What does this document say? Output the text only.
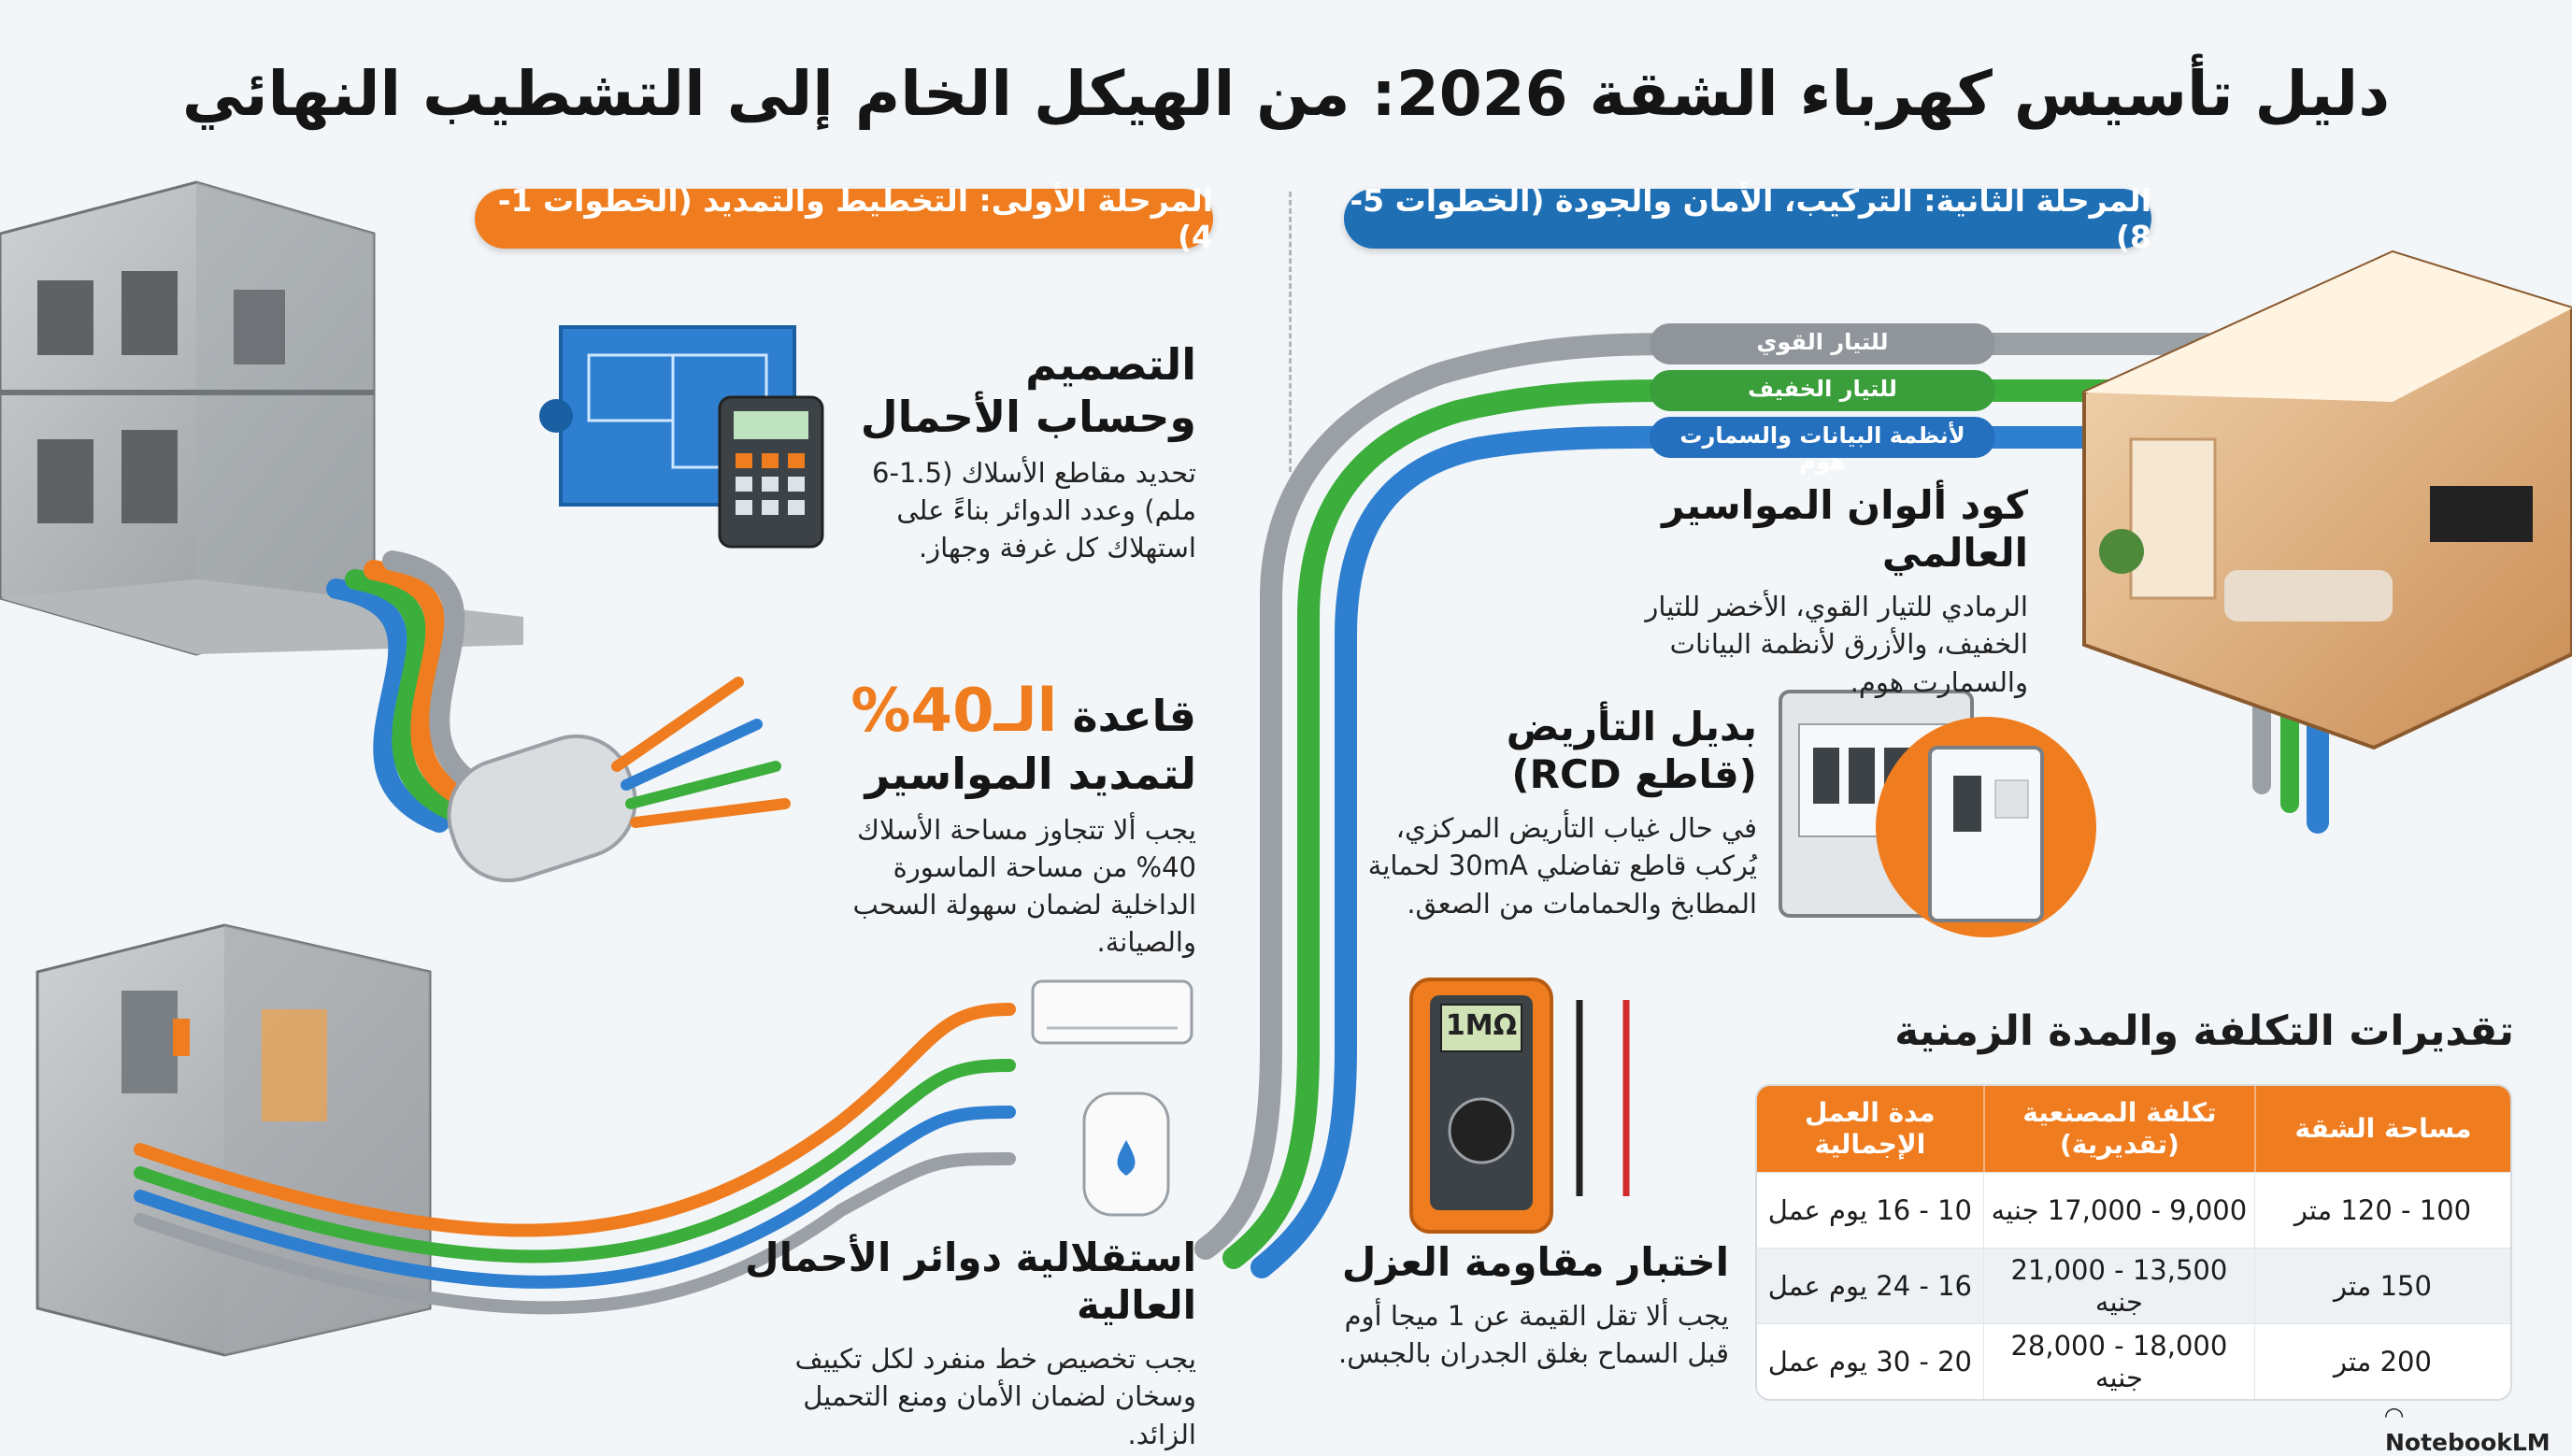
دليل تأسيس كهرباء الشقة 2026: من الهيكل الخام إلى التشطيب النهائي
المرحلة الأولى: التخطيط والتمديد (الخطوات 1-4)
المرحلة الثانية: التركيب، الأمان والجودة (الخطوات 5-8)
للتيار القوي
للتيار الخفيف
لأنظمة البيانات والسمارت هوم
1MΩ
التصميم
وحساب الأحمال
تحديد مقاطع الأسلاك (1.5-6 ملم) وعدد الدوائر بناءً على استهلاك كل غرفة وجهاز.
قاعدة الـ40%
لتمديد المواسير
يجب ألا تتجاوز مساحة الأسلاك 40% من مساحة الماسورة الداخلية لضمان سهولة السحب والصيانة.
استقلالية دوائر الأحمال العالية
يجب تخصيص خط منفرد لكل تكييف وسخان لضمان الأمان ومنع التحميل الزائد.
كود ألوان المواسير العالمي
الرمادي للتيار القوي، الأخضر للتيار الخفيف، والأزرق لأنظمة البيانات والسمارت هوم.
بديل التأريض
(قاطع RCD)
في حال غياب التأريض المركزي، يُركب قاطع تفاضلي 30mA لحماية المطابخ والحمامات من الصعق.
اختبار مقاومة العزل
يجب ألا تقل القيمة عن 1 ميجا أوم قبل السماح بغلق الجدران بالجبس.
تقديرات التكلفة والمدة الزمنية
مساحة الشقة	تكلفة المصنعية (تقديرية)	مدة العمل الإجمالية
100 - 120 متر	9,000 - 17,000 جنيه	10 - 16 يوم عمل
150 متر	13,500 - 21,000 جنيه	16 - 24 يوم عمل
200 متر	18,000 - 28,000 جنيه	20 - 30 يوم عمل
◠ NotebookLM
